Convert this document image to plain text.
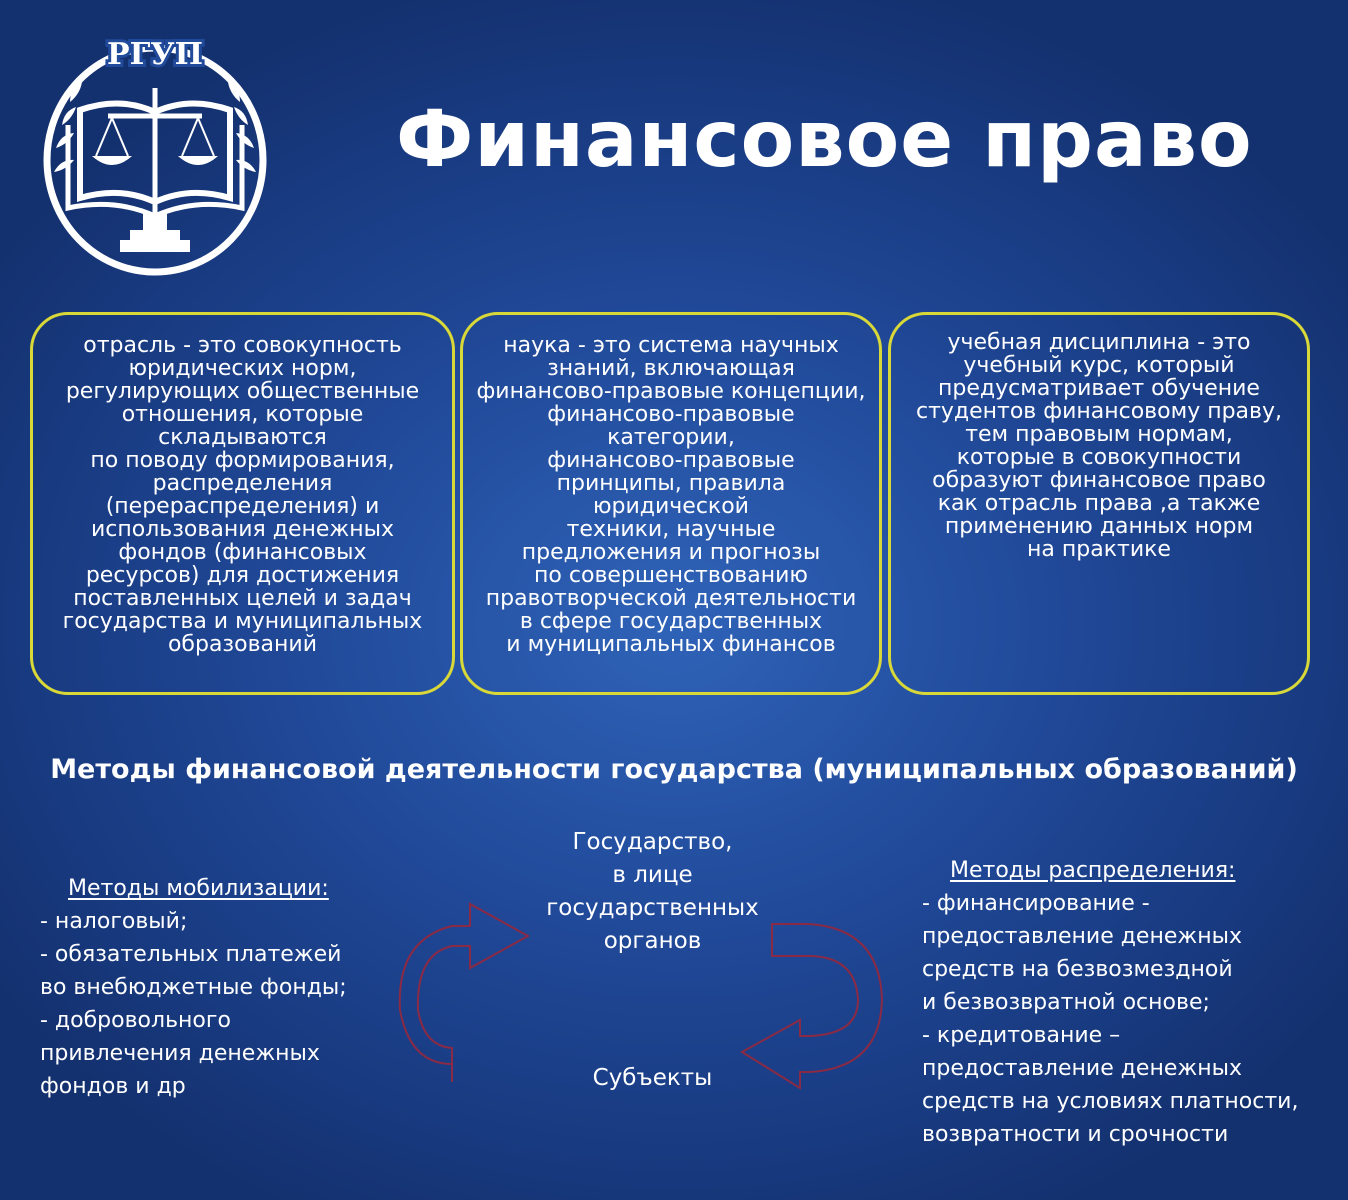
РГУП
Финансовое право

отрасль - это совокупность
юридических норм,
регулирующих общественные
отношения, которые
складываются
по поводу формирования,
распределения
(перераспределения) и
использования денежных
фондов (финансовых
ресурсов) для достижения
поставленных целей и задач
государства и муниципальных
образований

наука - это система научных
знаний, включающая
финансово-правовые концепции,
финансово-правовые
категории,
финансово-правовые
принципы, правила
юридической
техники, научные
предложения и прогнозы
по совершенствованию
правотворческой деятельности
в сфере государственных
и муниципальных финансов

учебная дисциплина - это
учебный курс, который
предусматривает обучение
студентов финансовому праву,
тем правовым нормам,
которые в совокупности
образуют финансовое право
как отрасль права ,а также
применению данных норм
на практике

Методы финансовой деятельности государства (муниципальных образований)
Методы мобилизации:
- налоговый;
- обязательных платежей
во внебюджетные фонды;
- добровольного
привлечения денежных
фондов и др

Государство,
в лице
государственных
органов

Субъекты

Методы распределения:
- финансирование -
предоставление денежных
средств на безвозмездной
и безвозвратной основе;
- кредитование –
предоставление денежных
средств на условиях платности,
возвратности и срочности
